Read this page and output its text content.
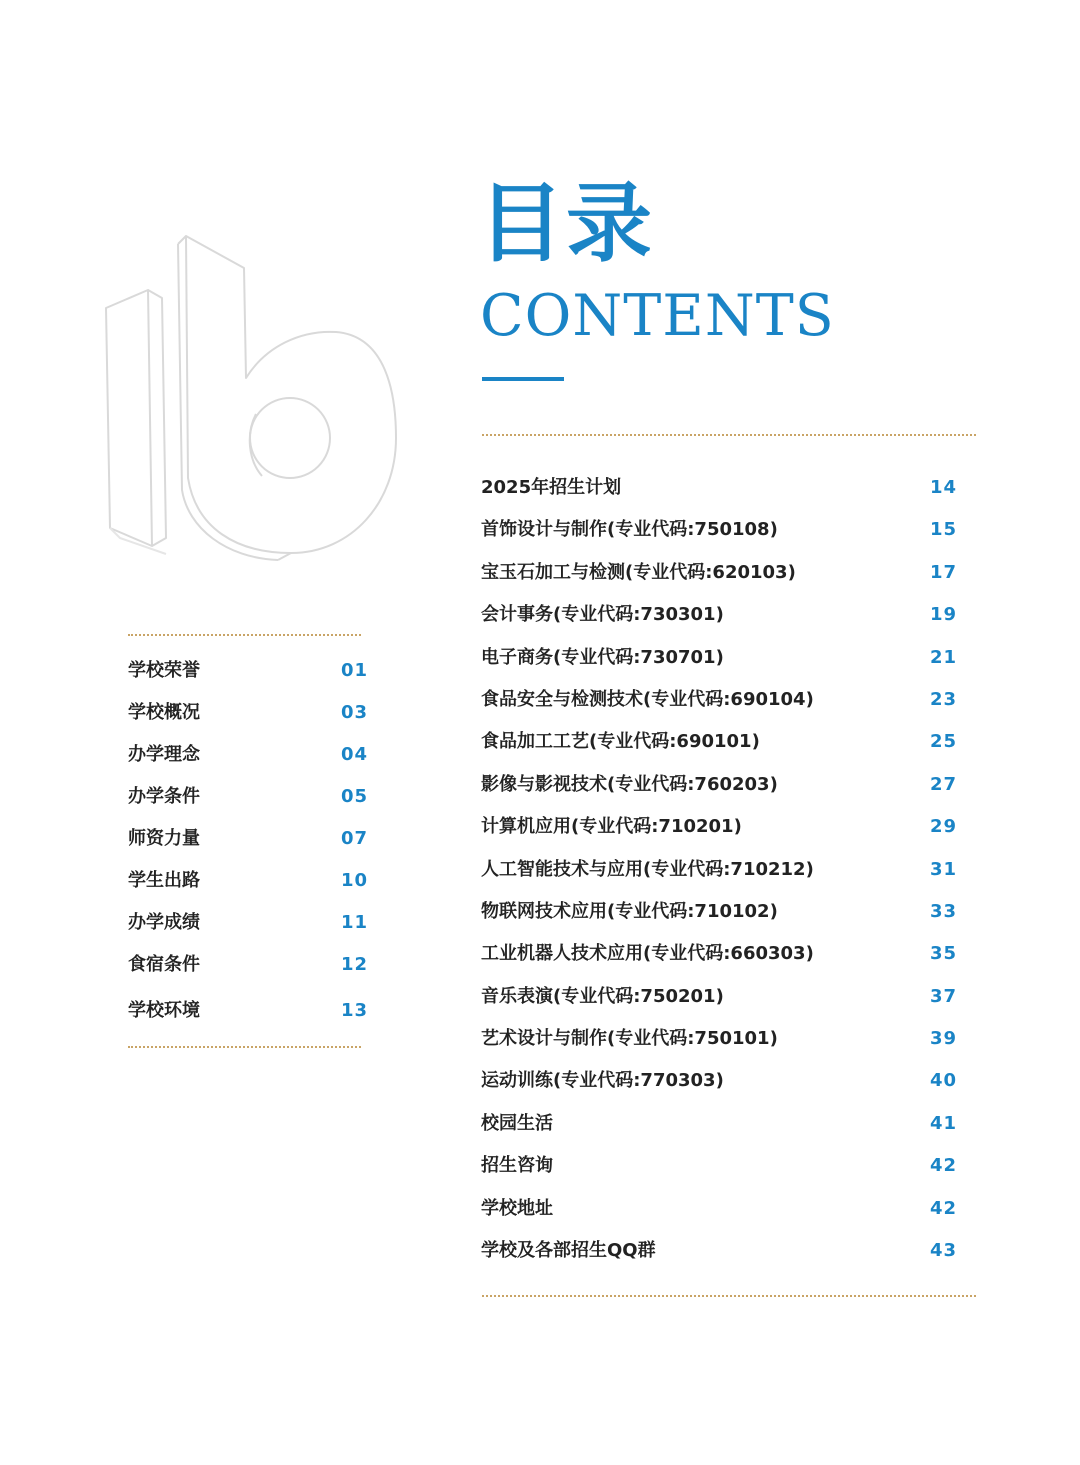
目录
CONTENTS
学校荣誉	01
学校概况	03
办学理念	04
办学条件	05
师资力量	07
学生出路	10
办学成绩	11
食宿条件	12
学校环境	13
2025年招生计划	14
首饰设计与制作(专业代码:750108)	15
宝玉石加工与检测(专业代码:620103)	17
会计事务(专业代码:730301)	19
电子商务(专业代码:730701)	21
食品安全与检测技术(专业代码:690104)	23
食品加工工艺(专业代码:690101)	25
影像与影视技术(专业代码:760203)	27
计算机应用(专业代码:710201)	29
人工智能技术与应用(专业代码:710212)	31
物联网技术应用(专业代码:710102)	33
工业机器人技术应用(专业代码:660303)	35
音乐表演(专业代码:750201)	37
艺术设计与制作(专业代码:750101)	39
运动训练(专业代码:770303)	40
校园生活	41
招生咨询	42
学校地址	42
学校及各部招生QQ群	43
